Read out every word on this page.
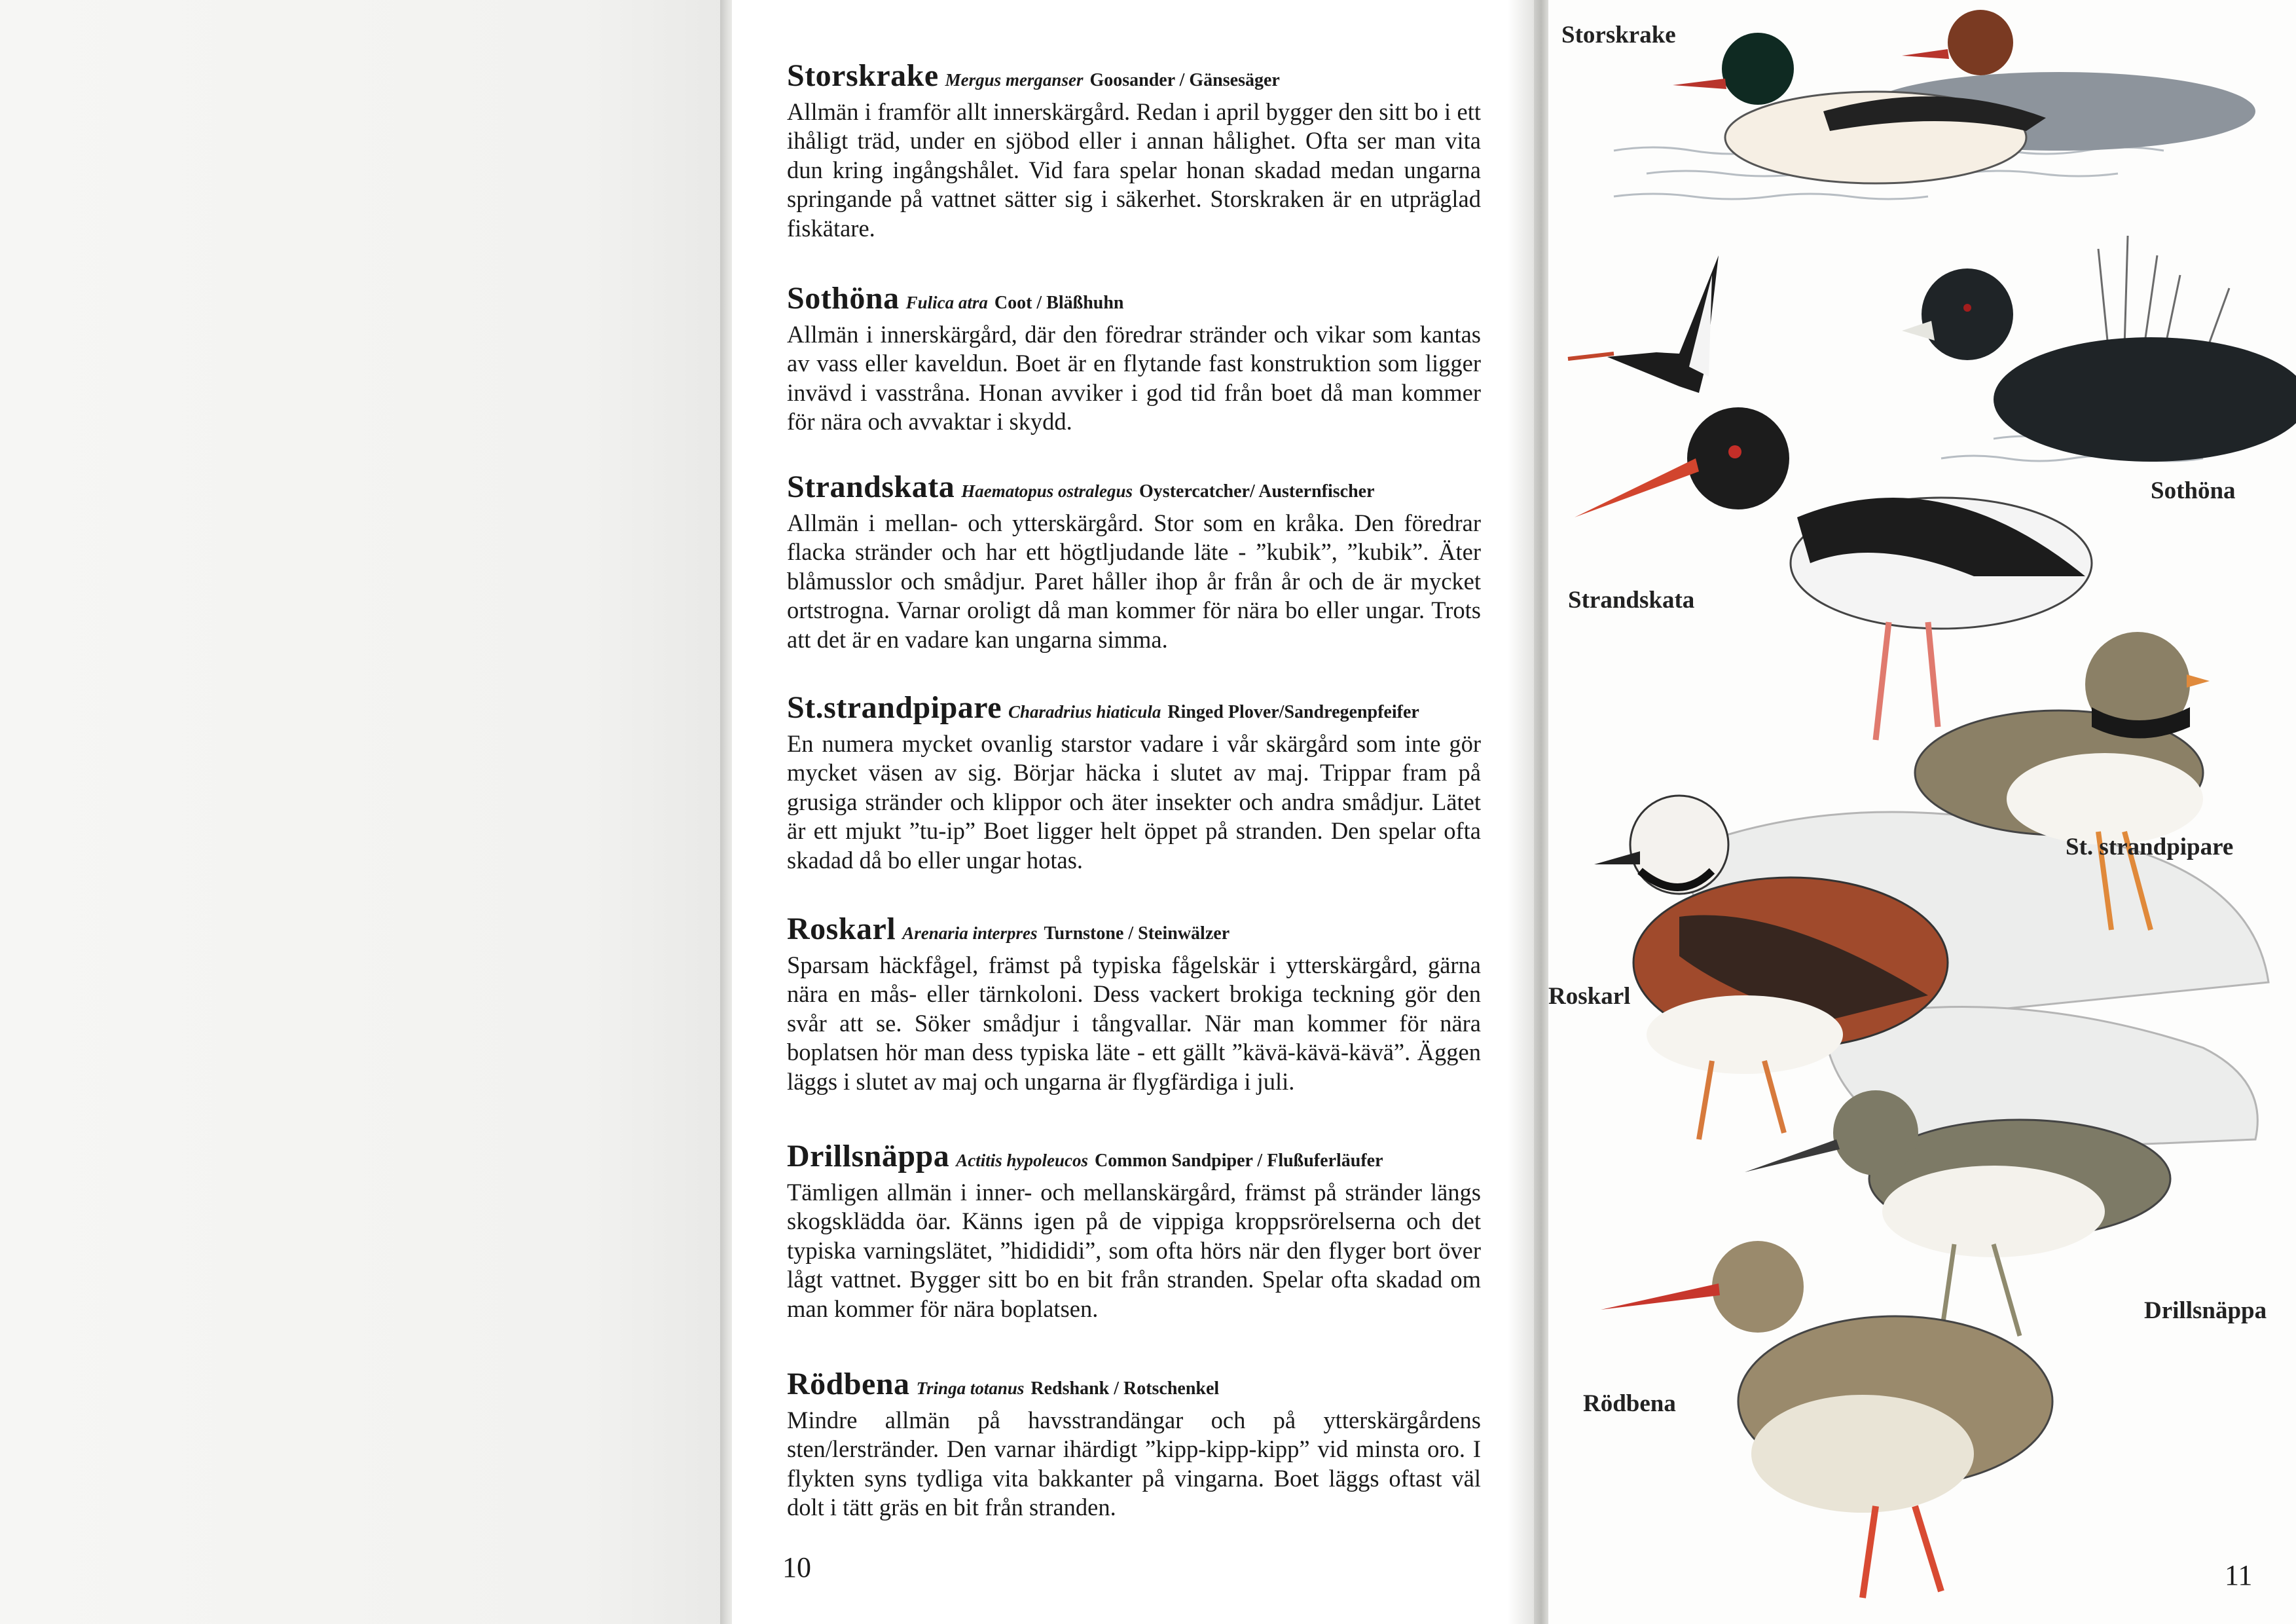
Storskrake Mergus merganser Goosander / Gänsesäger

Allmän i framför allt innerskärgård. Redan i april bygger den sitt bo i ett ihåligt träd, under en sjöbod eller i annan hålighet. Ofta ser man vita dun kring ingångshålet. Vid fara spelar honan skadad medan ungarna springande på vattnet sätter sig i säkerhet. Storskraken är en utpräglad fiskätare.

Sothöna Fulica atra Coot / Bläßhuhn

Allmän i innerskärgård, där den föredrar stränder och vikar som kantas av vass eller kaveldun. Boet är en flytande fast konstruktion som ligger invävd i vasstråna. Honan avviker i god tid från boet då man kommer för nära och avvaktar i skydd.

Strandskata Haematopus ostralegus Oystercatcher/ Austernfischer

Allmän i mellan- och ytterskärgård. Stor som en kråka. Den föredrar flacka stränder och har ett högtljudande läte - ”kubik”, ”kubik”. Äter blåmusslor och smådjur. Paret håller ihop år från år och de är mycket ortstrogna. Varnar oroligt då man kommer för nära bo eller ungar. Trots att det är en vadare kan ungarna simma.

St.strandpipare Charadrius hiaticula Ringed Plover/Sandregenpfeifer

En numera mycket ovanlig starstor vadare i vår skärgård som inte gör mycket väsen av sig. Börjar häcka i slutet av maj. Trippar fram på grusiga stränder och klippor och äter insekter och andra smådjur. Lätet är ett mjukt ”tu-ip” Boet ligger helt öppet på stranden. Den spelar ofta skadad då bo eller ungar hotas.

Roskarl Arenaria interpres Turnstone / Steinwälzer

Sparsam häckfågel, främst på typiska fågelskär i ytterskärgård, gärna nära en mås- eller tärnkoloni. Dess vackert brokiga teckning gör den svår att se. Söker smådjur i tångvallar. När man kommer för nära boplatsen hör man dess typiska läte - ett gällt ”kävä-kävä-kävä”. Äggen läggs i slutet av maj och ungarna är flygfärdiga i juli.

Drillsnäppa Actitis hypoleucos Common Sandpiper / Flußuferläufer

Tämligen allmän i inner- och mellanskärgård, främst på stränder längs skogsklädda öar. Känns igen på de vippiga kroppsrörelserna och det typiska varningslätet, ”hidididi”, som ofta hörs när den flyger bort över lågt vattnet. Bygger sitt bo en bit från stranden. Spelar ofta skadad om man kommer för nära boplatsen.

Rödbena Tringa totanus Redshank / Rotschenkel

Mindre allmän på havsstrandängar och på ytterskärgårdens sten/lerstränder. Den varnar ihärdigt ”kipp-kipp-kipp” vid minsta oro. I flykten syns tydliga vita bakkanter på vingarna. Boet läggs oftast väl dolt i tätt gräs en bit från stranden.

10	11
Storskrake
Sothöna
Strandskata
St. strandpipare
Roskarl
Drillsnäppa
Rödbena
